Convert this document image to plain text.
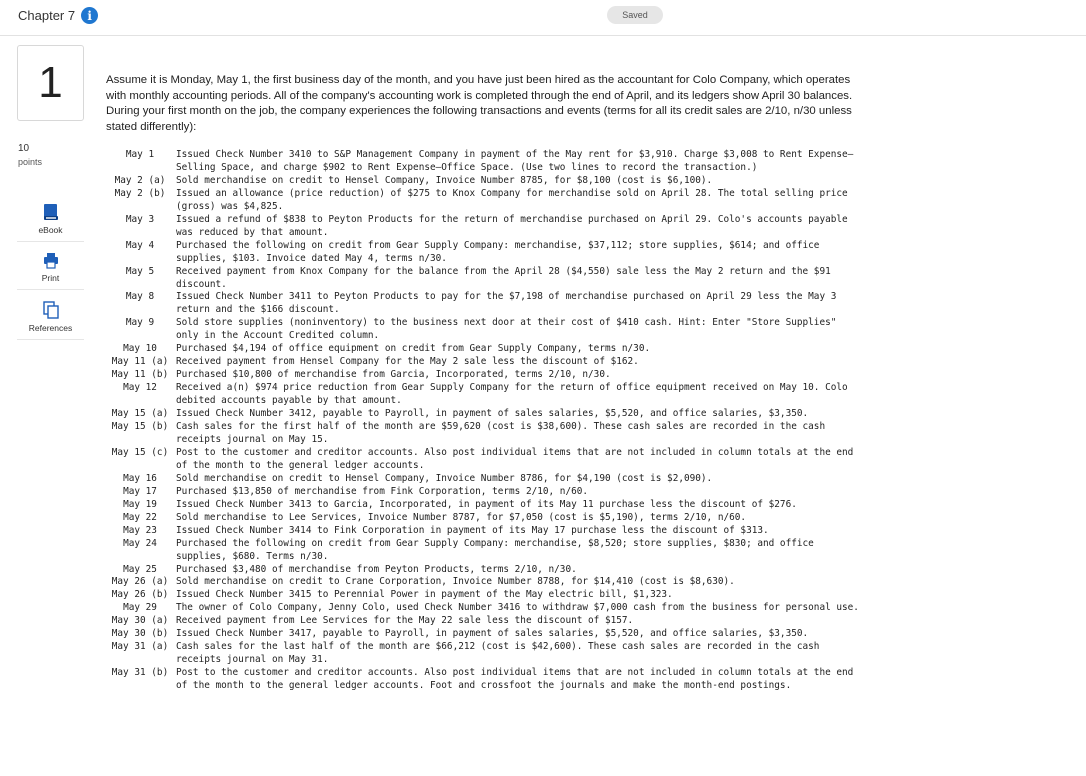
Chapter 7	i	Saved
1
10
points
eBook
Print
References
Assume it is Monday, May 1, the first business day of the month, and you have just been hired as the accountant for Colo Company, which operates with monthly accounting periods. All of the company's accounting work is completed through the end of April, and its ledgers show April 30 balances. During your first month on the job, the company experiences the following transactions and events (terms for all its credit sales are 2/10, n/30 unless stated differently):
May 1	Issued Check Number 3410 to S&P Management Company in payment of the May rent for $3,910. Charge $3,008 to Rent Expense—Selling Space, and charge $902 to Rent Expense—Office Space. (Use two lines to record the transaction.)
May 2 (a)	Sold merchandise on credit to Hensel Company, Invoice Number 8785, for $8,100 (cost is $6,100).
May 2 (b)	Issued an allowance (price reduction) of $275 to Knox Company for merchandise sold on April 28. The total selling price (gross) was $4,825.
May 3	Issued a refund of $838 to Peyton Products for the return of merchandise purchased on April 29. Colo's accounts payable was reduced by that amount.
May 4	Purchased the following on credit from Gear Supply Company: merchandise, $37,112; store supplies, $614; and office supplies, $103. Invoice dated May 4, terms n/30.
May 5	Received payment from Knox Company for the balance from the April 28 ($4,550) sale less the May 2 return and the $91 discount.
May 8	Issued Check Number 3411 to Peyton Products to pay for the $7,198 of merchandise purchased on April 29 less the May 3 return and the $166 discount.
May 9	Sold store supplies (noninventory) to the business next door at their cost of $410 cash. Hint: Enter "Store Supplies" only in the Account Credited column.
May 10	Purchased $4,194 of office equipment on credit from Gear Supply Company, terms n/30.
May 11 (a) Received payment from Hensel Company for the May 2 sale less the discount of $162.
May 11 (b) Purchased $10,800 of merchandise from Garcia, Incorporated, terms 2/10, n/30.
May 12	Received a(n) $974 price reduction from Gear Supply Company for the return of office equipment received on May 10. Colo debited accounts payable by that amount.
May 15 (a) Issued Check Number 3412, payable to Payroll, in payment of sales salaries, $5,520, and office salaries, $3,350.
May 15 (b) Cash sales for the first half of the month are $59,620 (cost is $38,600). These cash sales are recorded in the cash receipts journal on May 15.
May 15 (c) Post to the customer and creditor accounts. Also post individual items that are not included in column totals at the end of the month to the general ledger accounts.
May 16	Sold merchandise on credit to Hensel Company, Invoice Number 8786, for $4,190 (cost is $2,090).
May 17	Purchased $13,850 of merchandise from Fink Corporation, terms 2/10, n/60.
May 19	Issued Check Number 3413 to Garcia, Incorporated, in payment of its May 11 purchase less the discount of $276.
May 22	Sold merchandise to Lee Services, Invoice Number 8787, for $7,050 (cost is $5,190), terms 2/10, n/60.
May 23	Issued Check Number 3414 to Fink Corporation in payment of its May 17 purchase less the discount of $313.
May 24	Purchased the following on credit from Gear Supply Company: merchandise, $8,520; store supplies, $830; and office supplies, $680. Terms n/30.
May 25	Purchased $3,480 of merchandise from Peyton Products, terms 2/10, n/30.
May 26 (a) Sold merchandise on credit to Crane Corporation, Invoice Number 8788, for $14,410 (cost is $8,630).
May 26 (b) Issued Check Number 3415 to Perennial Power in payment of the May electric bill, $1,323.
May 29	The owner of Colo Company, Jenny Colo, used Check Number 3416 to withdraw $7,000 cash from the business for personal use.
May 30 (a) Received payment from Lee Services for the May 22 sale less the discount of $157.
May 30 (b) Issued Check Number 3417, payable to Payroll, in payment of sales salaries, $5,520, and office salaries, $3,350.
May 31 (a) Cash sales for the last half of the month are $66,212 (cost is $42,600). These cash sales are recorded in the cash receipts journal on May 31.
May 31 (b) Post to the customer and creditor accounts. Also post individual items that are not included in column totals at the end of the month to the general ledger accounts. Foot and crossfoot the journals and make the month-end postings.
